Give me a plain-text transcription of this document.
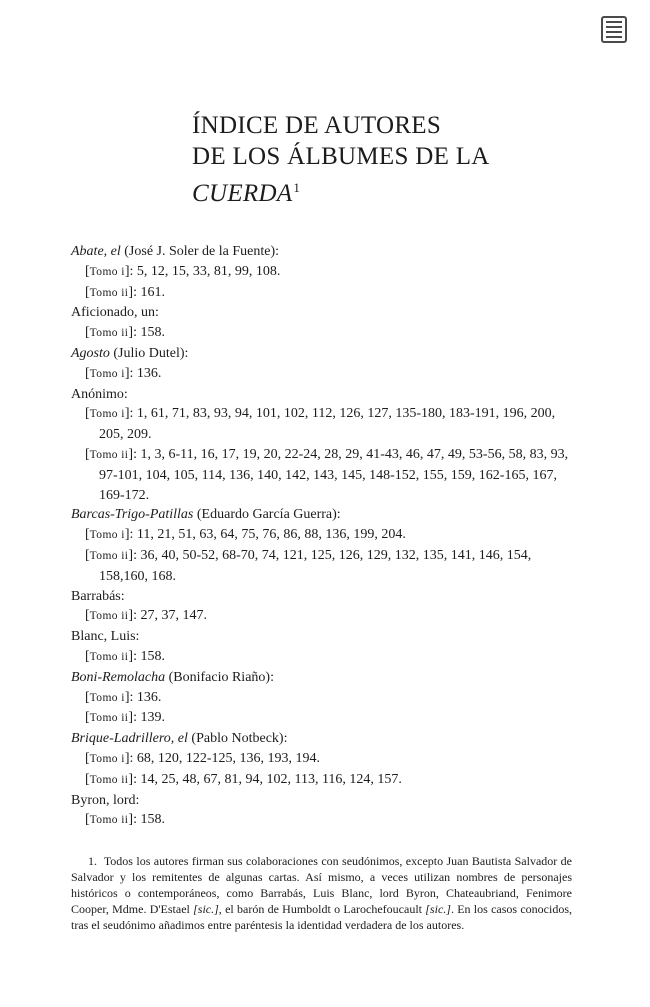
ÍNDICE DE AUTORES
DE LOS ÁLBUMES DE LA
CUERDA$^1$
Abate, el (José J. Soler de la Fuente):
[Tomo i]: 5, 12, 15, 33, 81, 99, 108.
[Tomo ii]: 161.
Aficionado, un:
[Tomo ii]: 158.
Agosto (Julio Dutel):
[Tomo i]: 136.
Anónimo:
[Tomo i]: 1, 61, 71, 83, 93, 94, 101, 102, 112, 126, 127, 135-180, 183-191, 196, 200, 205, 209.
[Tomo ii]: 1, 3, 6-11, 16, 17, 19, 20, 22-24, 28, 29, 41-43, 46, 47, 49, 53-56, 58, 83, 93, 97-101, 104, 105, 114, 136, 140, 142, 143, 145, 148-152, 155, 159, 162-165, 167, 169-172.
Barcas-Trigo-Patillas (Eduardo García Guerra):
[Tomo i]: 11, 21, 51, 63, 64, 75, 76, 86, 88, 136, 199, 204.
[Tomo ii]: 36, 40, 50-52, 68-70, 74, 121, 125, 126, 129, 132, 135, 141, 146, 154, 158,160, 168.
Barrabás:
[Tomo ii]: 27, 37, 147.
Blanc, Luis:
[Tomo ii]: 158.
Boni-Remolacha (Bonifacio Riaño):
[Tomo i]: 136.
[Tomo ii]: 139.
Brique-Ladrillero, el (Pablo Notbeck):
[Tomo i]: 68, 120, 122-125, 136, 193, 194.
[Tomo ii]: 14, 25, 48, 67, 81, 94, 102, 113, 116, 124, 157.
Byron, lord:
[Tomo ii]: 158.

1. Todos los autores firman sus colaboraciones con seudónimos, excepto Juan Bautista Salvador de Salvador y los remitentes de algunas cartas. Así mismo, a veces utilizan nombres de personajes históricos o contemporáneos, como Barrabás, Luis Blanc, lord Byron, Chateaubriand, Fenimore Cooper, Mdme. D'Estael [sic.], el barón de Humboldt o Larochefoucault [sic.]. En los casos conocidos, tras el seudónimo añadimos entre paréntesis la identidad verdadera de los autores.
